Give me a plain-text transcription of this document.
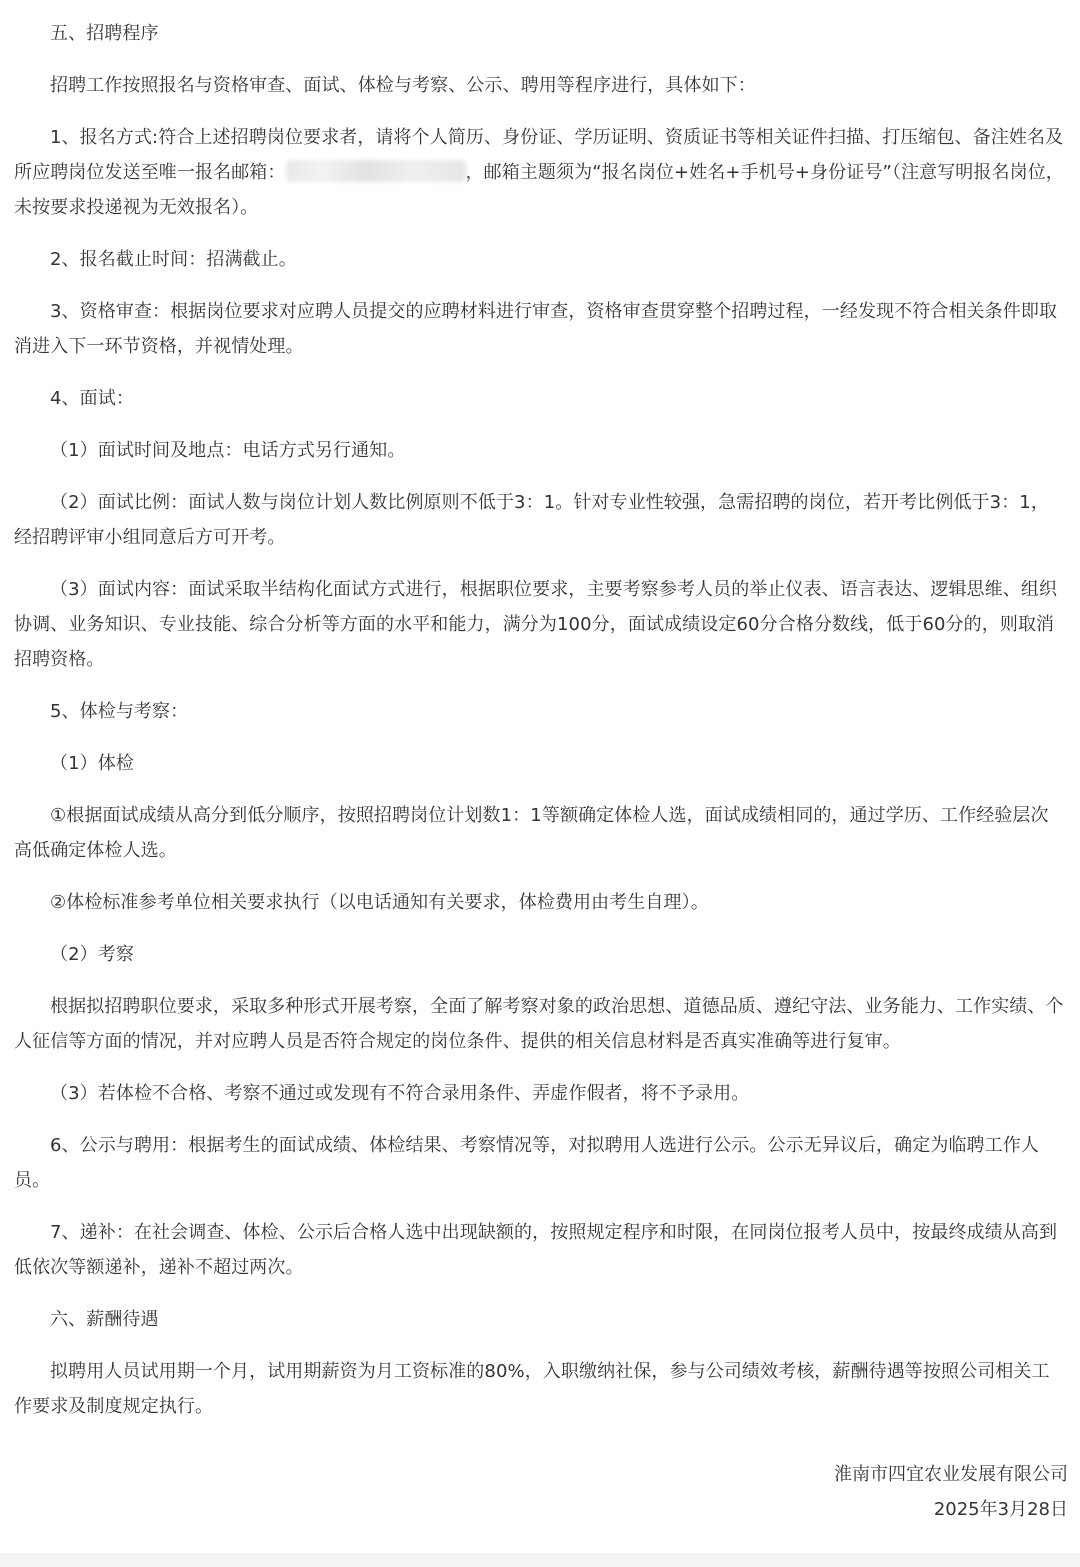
五、招聘程序

招聘工作按照报名与资格审查、面试、体检与考察、公示、聘用等程序进行，具体如下：

1、报名方式:符合上述招聘岗位要求者，请将个人简历、身份证、学历证明、资质证书等相关证件扫描、打压缩包、备注姓名及所应聘岗位发送至唯一报名邮箱：	，邮箱主题须为“报名岗位+姓名+手机号+身份证号”（注意写明报名岗位，未按要求投递视为无效报名）。

2、报名截止时间：招满截止。

3、资格审查：根据岗位要求对应聘人员提交的应聘材料进行审查，资格审查贯穿整个招聘过程，一经发现不符合相关条件即取消进入下一环节资格，并视情处理。

4、面试：

（1）面试时间及地点：电话方式另行通知。

（2）面试比例：面试人数与岗位计划人数比例原则不低于3：1。针对专业性较强，急需招聘的岗位，若开考比例低于3：1，经招聘评审小组同意后方可开考。

（3）面试内容：面试采取半结构化面试方式进行，根据职位要求，主要考察参考人员的举止仪表、语言表达、逻辑思维、组织协调、业务知识、专业技能、综合分析等方面的水平和能力，满分为100分，面试成绩设定60分合格分数线，低于60分的，则取消招聘资格。

5、体检与考察：

（1）体检

①根据面试成绩从高分到低分顺序，按照招聘岗位计划数1：1等额确定体检人选，面试成绩相同的，通过学历、工作经验层次高低确定体检人选。

②体检标准参考单位相关要求执行（以电话通知有关要求，体检费用由考生自理）。

（2）考察

根据拟招聘职位要求，采取多种形式开展考察，全面了解考察对象的政治思想、道德品质、遵纪守法、业务能力、工作实绩、个人征信等方面的情况，并对应聘人员是否符合规定的岗位条件、提供的相关信息材料是否真实准确等进行复审。

（3）若体检不合格、考察不通过或发现有不符合录用条件、弄虚作假者，将不予录用。

6、公示与聘用：根据考生的面试成绩、体检结果、考察情况等，对拟聘用人选进行公示。公示无异议后，确定为临聘工作人员。

7、递补：在社会调查、体检、公示后合格人选中出现缺额的，按照规定程序和时限，在同岗位报考人员中，按最终成绩从高到低依次等额递补，递补不超过两次。

六、薪酬待遇

拟聘用人员试用期一个月，试用期薪资为月工资标准的80%，入职缴纳社保，参与公司绩效考核，薪酬待遇等按照公司相关工作要求及制度规定执行。

淮南市四宜农业发展有限公司
2025年3月28日
